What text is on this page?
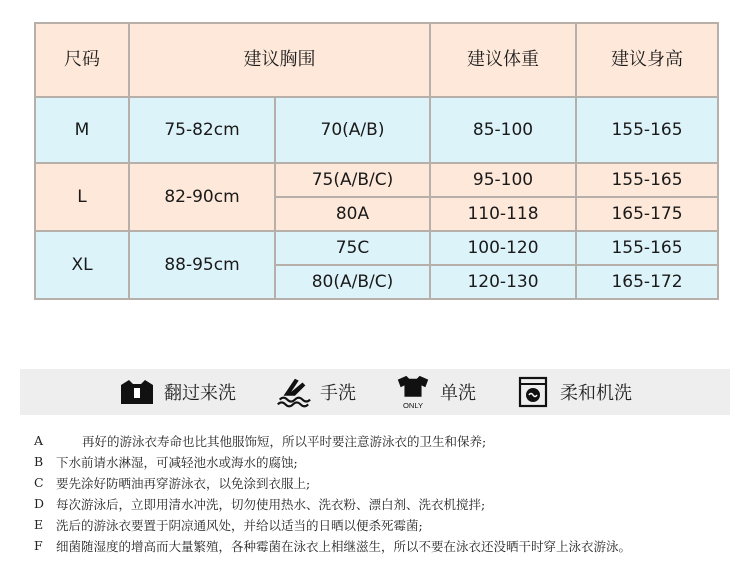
尺码	建议胸围		建议体重	建议身高
M	75-82cm	70(A/B)	85-100	155-165
L	82-90cm	75(A/B/C)	95-100	155-165
		80A	110-118	165-175
XL	88-95cm	75C	100-120	155-165
		80(A/B/C)	120-130	165-172
翻过来洗	手洗
ONLY
单洗	柔和机洗
A	再好的游泳衣寿命也比其他服饰短，所以平时要注意游泳衣的卫生和保养;
B	下水前请水淋湿，可减轻池水或海水的腐蚀;
C 要先涂好防晒油再穿游泳衣，以免涂到衣服上;
D 每次游泳后，立即用清水冲洗，切勿使用热水、洗衣粉、漂白剂、洗衣机搅拌;
E	洗后的游泳衣要置于阴凉通风处，并给以适当的日晒以便杀死霉菌;
F	细菌随湿度的增高而大量繁殖，各种霉菌在泳衣上相继滋生，所以不要在泳衣还没晒干时穿上泳衣游泳。
